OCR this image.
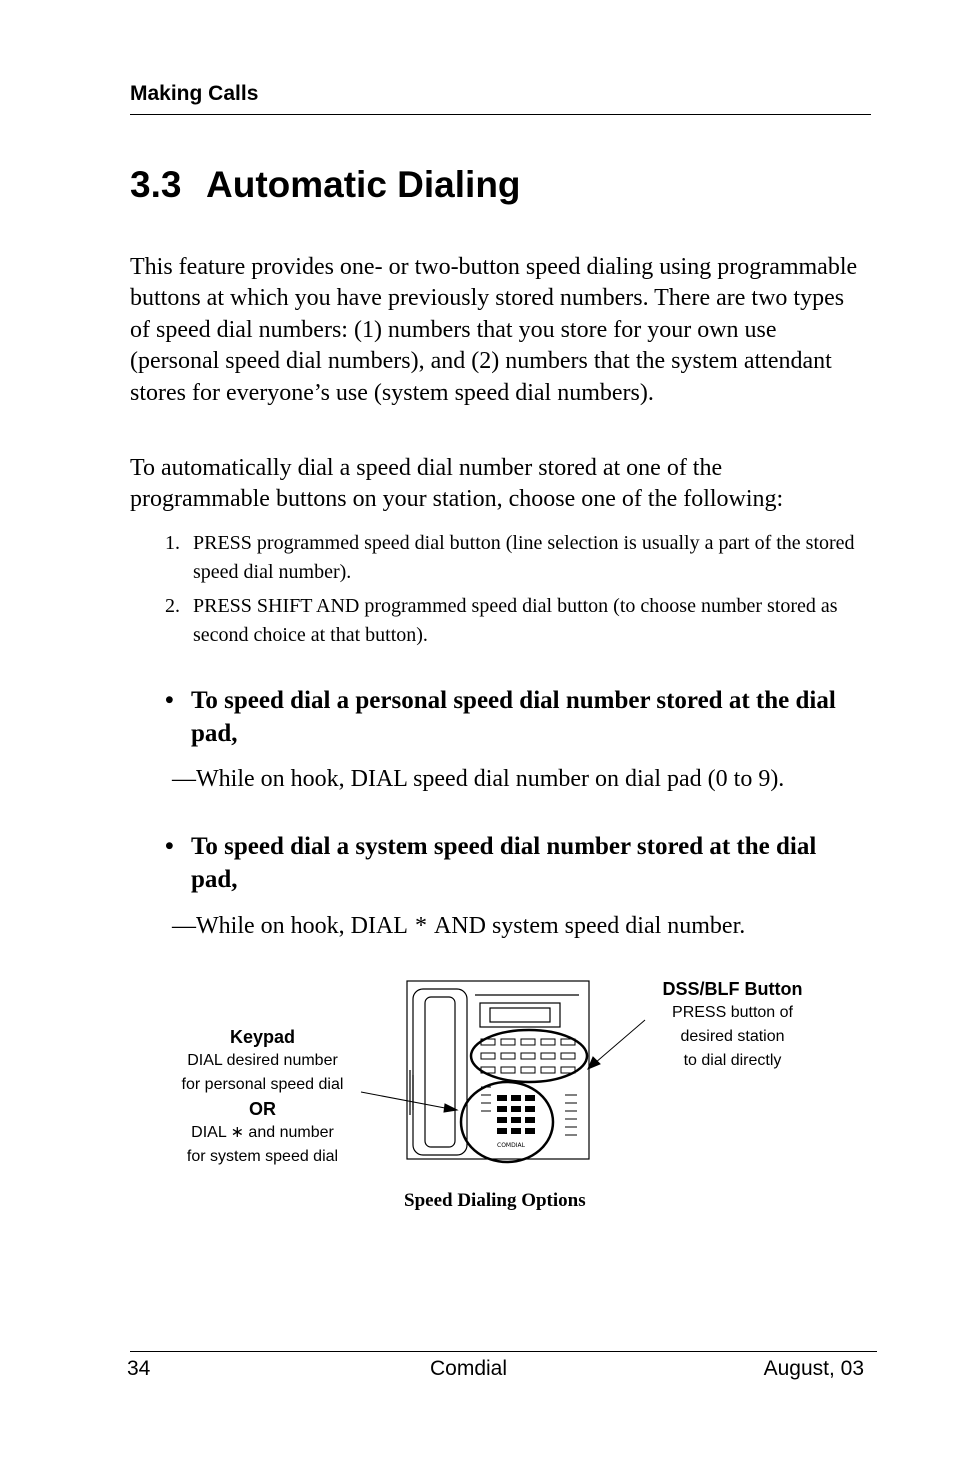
Making Calls
3.3 Automatic Dialing

This feature provides one- or two-button speed dialing using programmable buttons at which you have previously stored numbers. There are two types of speed dial numbers: (1) numbers that you store for your own use (personal speed dial numbers), and (2) numbers that the system attendant stores for everyone’s use (system speed dial numbers).

To automatically dial a speed dial number stored at one of the programmable buttons on your station, choose one of the following:

1. PRESS programmed speed dial button (line selection is usually a part of the stored speed dial number).
2. PRESS SHIFT AND programmed speed dial button (to choose number stored as second choice at that button).

• To speed dial a personal speed dial number stored at the dial pad,

—While on hook, DIAL speed dial number on dial pad (0 to 9).

• To speed dial a system speed dial number stored at the dial pad,

—While on hook, DIAL * AND system speed dial number.

COMDIAL
Keypad
DIAL desired number
for personal speed dial
OR
DIAL ∗ and number
for system speed dial
DSS/BLF Button
PRESS button of
desired station
to dial directly
Speed Dialing Options
34	Comdial	August, 03
